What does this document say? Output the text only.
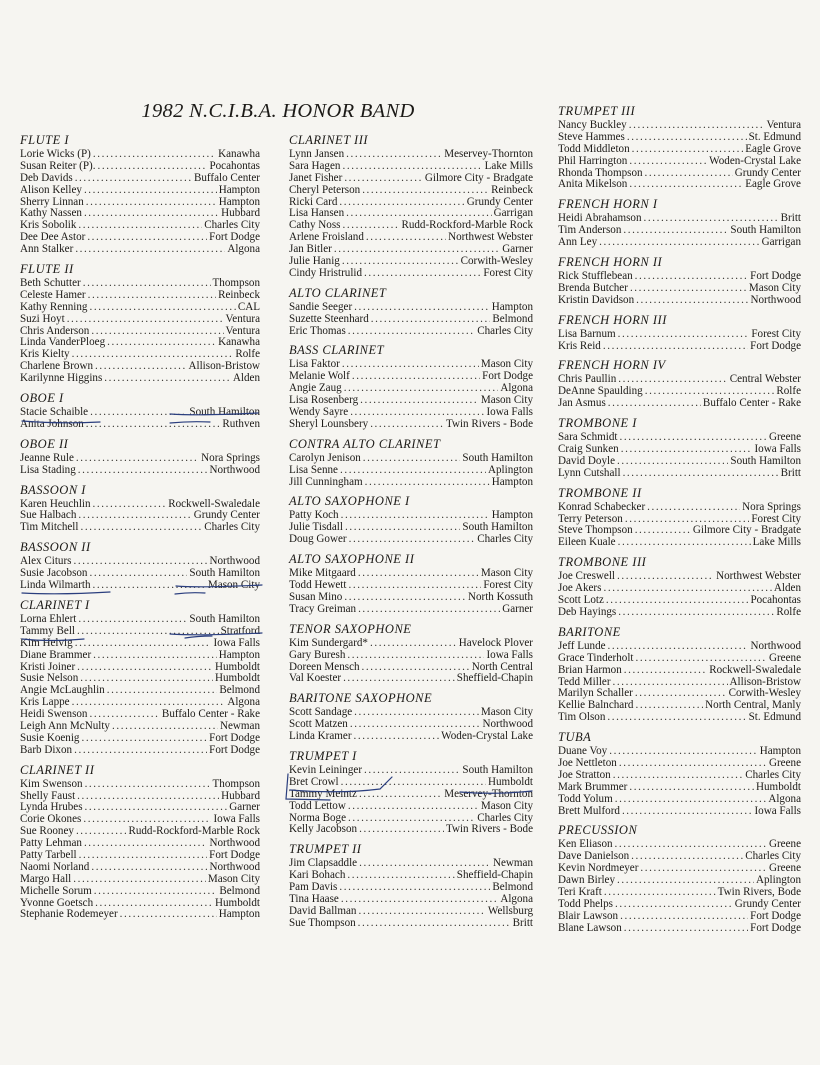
1982 N.C.I.B.A. HONOR BAND
FLUTE I
Lorie Wicks (P) .....	Kanawha
Susan Reiter (P). .....	Pocahontas
Deb Davids .....	Buffalo Center
Alison Kelley .....	Hampton
Sherry Linnan .....	Hampton
Kathy Nassen .....	Hubbard
Kris Sobolik .....	Charles City
Dee Dee Astor .....	Fort Dodge
Ann Stalker .....	Algona
FLUTE II
Beth Schutter .....	Thompson
Celeste Hamer .....	Reinbeck
Kathy Renning .....	CAL
Suzi Hoyt .....	Ventura
Chris Anderson .....	Ventura
Linda VanderPloeg .....	Kanawha
Kris Kielty .....	Rolfe
Charlene Brown .....	Allison-Bristow
Karilynne Higgins .....	Alden
OBOE I
Stacie Schaible .....	South Hamilton
Anita Johnson .....	Ruthven
OBOE II
Jeanne Rule .....	Nora Springs
Lisa Stading .....	Northwood
BASSOON I
Karen Heuchlin .....	Rockwell-Swaledale
Sue Halbach .....	Grundy Center
Tim Mitchell .....	Charles City
BASSOON II
Alex Citurs .....	Northwood
Susie Jacobson .....	South Hamilton
Linda Wilmarth .....	Mason City
CLARINET I
Lorna Ehlert .....	South Hamilton
Tammy Bell .....	Stratford
Kim Helvig .....	Iowa Falls
Diane Brammer .....	Hampton
Kristi Joiner .....	Humboldt
Susie Nelson .....	Humboldt
Angie McLaughlin .....	Belmond
Kris Lappe .....	Algona
Heidi Swenson .....	Buffalo Center - Rake
Leigh Ann McNulty .....	Newman
Susie Koenig .....	Fort Dodge
Barb Dixon .....	Fort Dodge
CLARINET II
Kim Swenson .....	Thompson
Shelly Faust .....	Hubbard
Lynda Hrubes .....	Garner
Corie Okones .....	Iowa Falls
Sue Rooney .....	Rudd-Rockford-Marble Rock
Patty Lehman .....	Northwood
Patty Tarbell .....	Fort Dodge
Naomi Norland .....	Northwood
Margo Hall .....	Mason City
Michelle Sorum .....	Belmond
Yvonne Goetsch .....	Humboldt
Stephanie Rodemeyer .....	Hampton
CLARINET III
Lynn Jansen .....	Meservey-Thornton
Sara Hagen .....	Lake Mills
Janet Fisher .....	Gilmore City - Bradgate
Cheryl Peterson .....	Reinbeck
Ricki Card .....	Grundy Center
Lisa Hansen .....	Garrigan
Cathy Noss .....	Rudd-Rockford-Marble Rock
Arlene Froisland .....	Northwest Webster
Jan Bitler .....	Garner
Julie Hanig .....	Corwith-Wesley
Cindy Hristrulid .....	Forest City
ALTO CLARINET
Sandie Seeger .....	Hampton
Suzette Steenhard .....	Belmond
Eric Thomas .....	Charles City
BASS CLARINET
Lisa Faktor .....	Mason City
Melanie Wolf .....	Fort Dodge
Angie Zaug .....	Algona
Lisa Rosenberg .....	Mason City
Wendy Sayre .....	Iowa Falls
Sheryl Lounsbery .....	Twin Rivers - Bode
CONTRA ALTO CLARINET
Carolyn Jenison .....	South Hamilton
Lisa Senne .....	Aplington
Jill Cunningham .....	Hampton
ALTO SAXOPHONE I
Patty Koch .....	Hampton
Julie Tisdall .....	South Hamilton
Doug Gower .....	Charles City
ALTO SAXOPHONE II
Mike Mitgaard .....	Mason City
Todd Hewett .....	Forest City
Susan Mino .....	North Kossuth
Tracy Greiman .....	Garner
TENOR SAXOPHONE
Kim Sundergard* .....	Havelock Plover
Gary Buresh .....	Iowa Falls
Doreen Mensch .....	North Central
Val Koester .....	Sheffield-Chapin
BARITONE SAXOPHONE
Scott Sandage .....	Mason City
Scott Matzen .....	Northwood
Linda Kramer .....	Woden-Crystal Lake
TRUMPET I
Kevin Leininger .....	South Hamilton
Bret Crowl .....	Humboldt
Tammy Meintz .....	Meservey-Thornton
Todd Lettow .....	Mason City
Norma Boge .....	Charles City
Kelly Jacobson .....	Twin Rivers - Bode
TRUMPET II
Jim Clapsaddle .....	Newman
Kari Bohach .....	Sheffield-Chapin
Pam Davis .....	Belmond
Tina Haase .....	Algona
David Ballman .....	Wellsburg
Sue Thompson .....	Britt
TRUMPET III
Nancy Buckley .....	Ventura
Steve Hammes .....	St. Edmund
Todd Middleton .....	Eagle Grove
Phil Harrington .....	Woden-Crystal Lake
Rhonda Thompson .....	Grundy Center
Anita Mikelson .....	Eagle Grove
FRENCH HORN I
Heidi Abrahamson .....	Britt
Tim Anderson .....	South Hamilton
Ann Ley .....	Garrigan
FRENCH HORN II
Rick Stufflebean .....	Fort Dodge
Brenda Butcher .....	Mason City
Kristin Davidson .....	Northwood
FRENCH HORN III
Lisa Barnum .....	Forest City
Kris Reid .....	Fort Dodge
FRENCH HORN IV
Chris Paullin .....	Central Webster
DeAnne Spaulding .....	Rolfe
Jan Asmus .....	Buffalo Center - Rake
TROMBONE I
Sara Schmidt .....	Greene
Craig Sunken .....	Iowa Falls
David Doyle .....	South Hamilton
Lynn Cutshall .....	Britt
TROMBONE II
Konrad Schabecker .....	Nora Springs
Terry Peterson .....	Forest City
Steve Thompson .....	Gilmore City - Bradgate
Eileen Kuale .....	Lake Mills
TROMBONE III
Joe Creswell .....	Northwest Webster
Joe Akers .....	Alden
Scott Lotz .....	Pocahontas
Deb Hayings .....	Rolfe
BARITONE
Jeff Lunde .....	Northwood
Grace Tinderholt .....	Greene
Brian Harmon .....	Rockwell-Swaledale
Tedd Miller .....	Allison-Bristow
Marilyn Schaller .....	Corwith-Wesley
Kellie Balnchard .....	North Central, Manly
Tim Olson .....	St. Edmund
TUBA
Duane Voy .....	Hampton
Joe Nettleton .....	Greene
Joe Stratton .....	Charles City
Mark Brummer .....	Humboldt
Todd Yolum .....	Algona
Brett Mulford .....	Iowa Falls
PRECUSSION
Ken Eliason .....	Greene
Dave Danielson .....	Charles City
Kevin Nordmeyer .....	Greene
Dawn Birley .....	Aplington
Teri Kraft .....	Twin Rivers, Bode
Todd Phelps .....	Grundy Center
Blair Lawson .....	Fort Dodge
Blane Lawson .....	Fort Dodge
